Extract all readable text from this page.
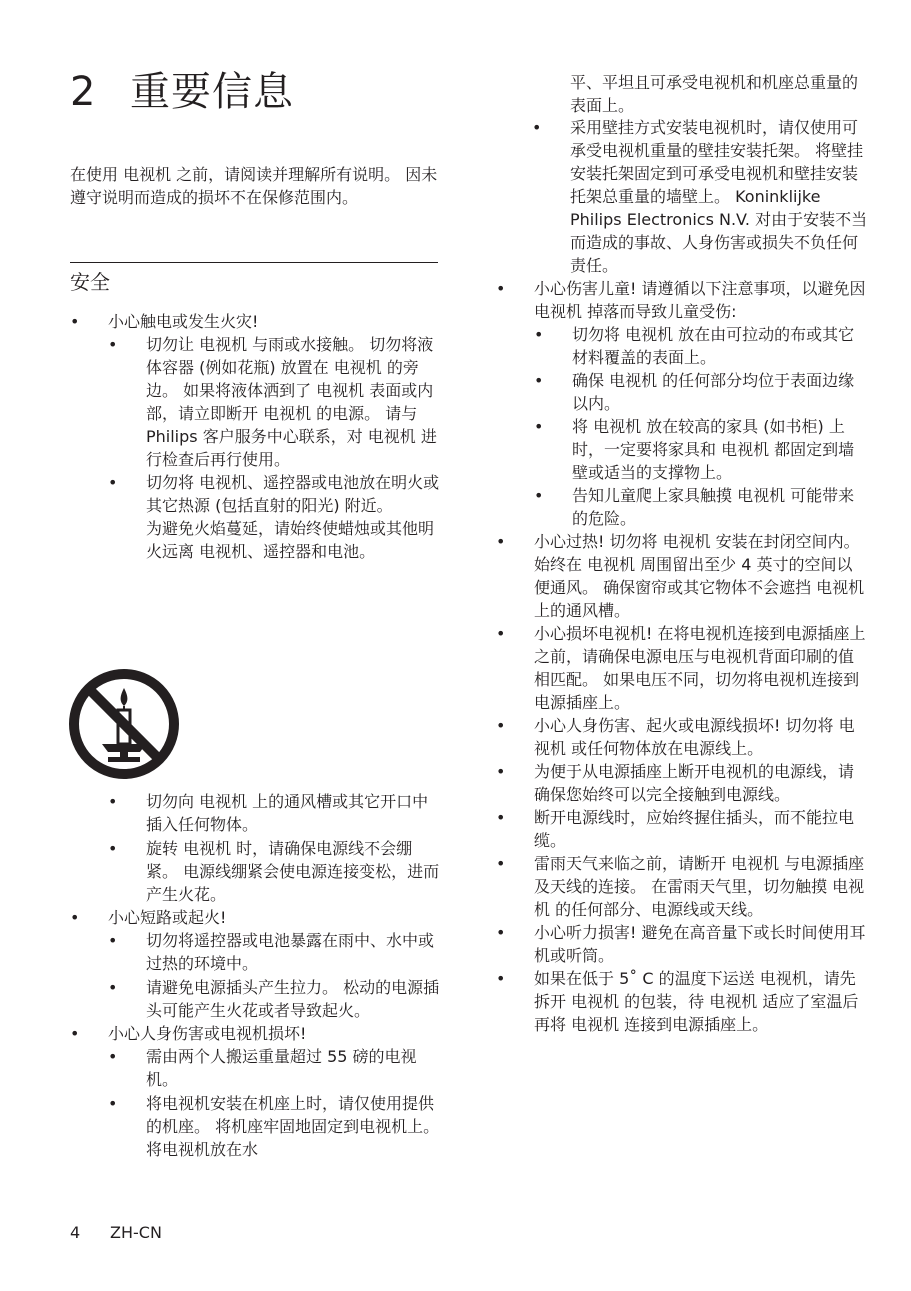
2 重要信息

在使用 电视机 之前，请阅读并理解所有说明。 因未遵守说明而造成的损坏不在保修范围内。

安全
• 小心触电或发生火灾!
• 切勿让 电视机 与雨或水接触。 切勿将液体容器 (例如花瓶) 放置在 电视机 的旁边。 如果将液体洒到了 电视机 表面或内部，请立即断开 电视机 的电源。 请与 Philips 客户服务中心联系，对 电视机 进行检查后再行使用。
• 切勿将 电视机、遥控器或电池放在明火或其它热源 (包括直射的阳光) 附近。
为避免火焰蔓延，请始终使蜡烛或其他明火远离 电视机、遥控器和电池。
• 切勿向 电视机 上的通风槽或其它开口中插入任何物体。
• 旋转 电视机 时，请确保电源线不会绷紧。 电源线绷紧会使电源连接变松，进而产生火花。
• 小心短路或起火!
• 切勿将遥控器或电池暴露在雨中、水中或过热的环境中。
• 请避免电源插头产生拉力。 松动的电源插头可能产生火花或者导致起火。
• 小心人身伤害或电视机损坏!
• 需由两个人搬运重量超过 55 磅的电视机。
• 将电视机安装在机座上时，请仅使用提供的机座。 将机座牢固地固定到电视机上。 将电视机放在水
平、平坦且可承受电视机和机座总重量的表面上。
• 采用壁挂方式安装电视机时，请仅使用可承受电视机重量的壁挂安装托架。 将壁挂安装托架固定到可承受电视机和壁挂安装托架总重量的墙壁上。 Koninklijke Philips Electronics N.V. 对由于安装不当而造成的事故、人身伤害或损失不负任何责任。
• 小心伤害儿童! 请遵循以下注意事项，以避免因 电视机 掉落而导致儿童受伤:
• 切勿将 电视机 放在由可拉动的布或其它材料覆盖的表面上。
• 确保 电视机 的任何部分均位于表面边缘以内。
• 将 电视机 放在较高的家具 (如书柜) 上时，一定要将家具和 电视机 都固定到墙壁或适当的支撑物上。
• 告知儿童爬上家具触摸 电视机 可能带来的危险。
• 小心过热! 切勿将 电视机 安装在封闭空间内。 始终在 电视机 周围留出至少 4 英寸的空间以便通风。 确保窗帘或其它物体不会遮挡 电视机 上的通风槽。
• 小心损坏电视机! 在将电视机连接到电源插座上之前，请确保电源电压与电视机背面印刷的值相匹配。 如果电压不同，切勿将电视机连接到电源插座上。
• 小心人身伤害、起火或电源线损坏! 切勿将 电视机 或任何物体放在电源线上。
• 为便于从电源插座上断开电视机的电源线，请确保您始终可以完全接触到电源线。
• 断开电源线时，应始终握住插头，而不能拉电缆。
• 雷雨天气来临之前，请断开 电视机 与电源插座及天线的连接。 在雷雨天气里，切勿触摸 电视机 的任何部分、电源线或天线。
• 小心听力损害! 避免在高音量下或长时间使用耳机或听筒。
• 如果在低于 5˚ C 的温度下运送 电视机，请先拆开 电视机 的包装，待 电视机 适应了室温后再将 电视机 连接到电源插座上。
4 ZH-CN
